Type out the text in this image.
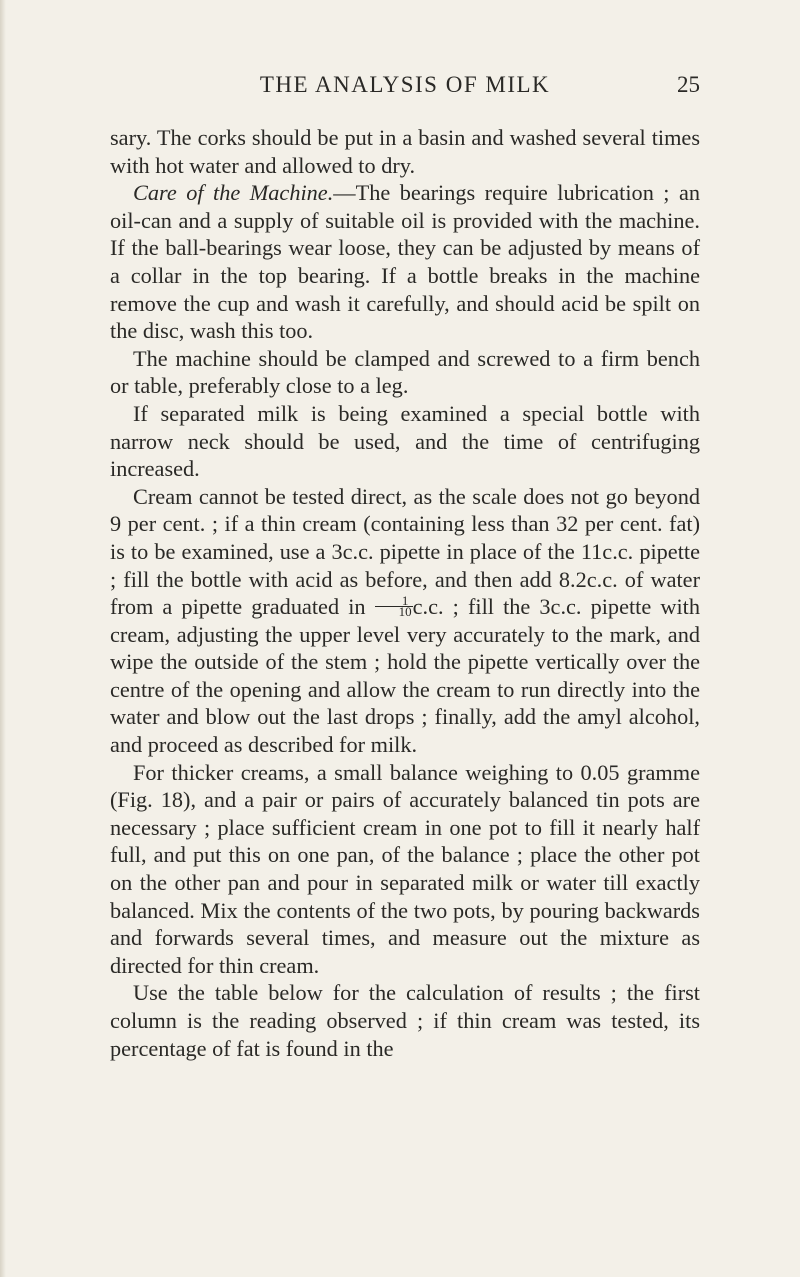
THE ANALYSIS OF MILK	25

sary. The corks should be put in a basin and washed several times with hot water and allowed to dry.

Care of the Machine.—The bearings require lubrication ; an oil-can and a supply of suitable oil is provided with the machine. If the ball-bearings wear loose, they can be adjusted by means of a collar in the top bearing. If a bottle breaks in the machine remove the cup and wash it carefully, and should acid be spilt on the disc, wash this too.

The machine should be clamped and screwed to a firm bench or table, preferably close to a leg.

If separated milk is being examined a special bottle with narrow neck should be used, and the time of centrifuging increased.

Cream cannot be tested direct, as the scale does not go beyond 9 per cent. ; if a thin cream (containing less than 32 per cent. fat) is to be examined, use a 3c.c. pipette in place of the 11c.c. pipette ; fill the bottle with acid as before, and then add 8.2c.c. of water from a pipette graduated in $\frac{1}{10} c.c$. ; fill the 3c.c. pipette with cream, adjusting the upper level very accurately to the mark, and wipe the outside of the stem ; hold the pipette vertically over the centre of the opening and allow the cream to run directly into the water and blow out the last drops ; finally, add the amyl alcohol, and proceed as described for milk.

For thicker creams, a small balance weighing to 0.05 gramme (Fig. 18), and a pair or pairs of accurately balanced tin pots are necessary ; place sufficient cream in one pot to fill it nearly half full, and put this on one pan, of the balance ; place the other pot on the other pan and pour in separated milk or water till exactly balanced. Mix the contents of the two pots, by pouring backwards and forwards several times, and measure out the mixture as directed for thin cream.

Use the table below for the calculation of results ; the first column is the reading observed ; if thin cream was tested, its percentage of fat is found in the
